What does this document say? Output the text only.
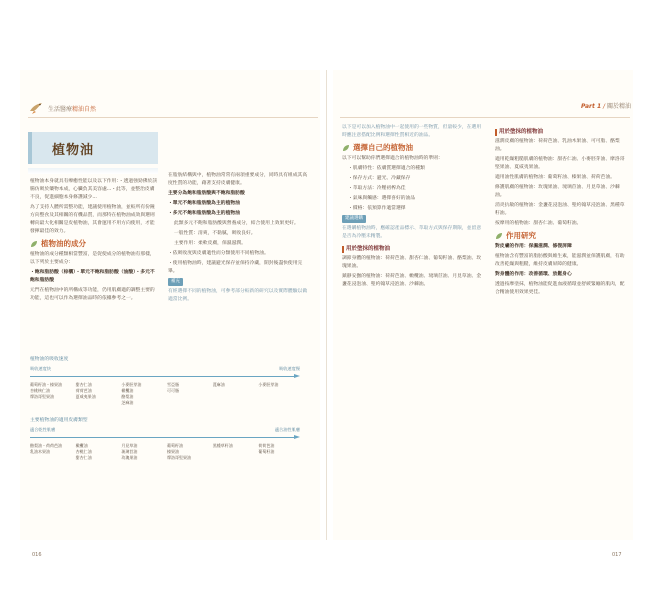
生活醫療精油自然	Part 1 / 關於精油
植物油

植物油本身就具有療癒性能以及以下作用：・透過強勁佛於該腸仿吸於藥物本成，心臟負其美容處...・此等，並整治皮膚不良，促進細胞本身修護減少...

為了支持人體所需整功能，建議使用植物油，並較所有份鐘方向整食及其相關的有機品質，而那特在植物油成效與選則轉向最大化相關是皮植物油，其會運用不用方向使用，才能發揮最佳的效力。

植物油的成分

植物油的成分種類相當豐富，是促使成分的植物油有那樣，以下列於主要成分：

・飽和脂肪酸（棕櫚）・單元不飽和脂肪酸（油酸）・多元不飽和脂肪酸

元門在植物油中的所構成等功能，仍用肌膚適的調整主要的功能，這也可以作為選擇油品時的依據參考之一。

在脂肪結構與中，植物油常常有兩項重要成分，同時具有組成其高度性質的功能，藉著支持皮膚健康。

主要分為飽和脂肪酸與不飽和脂肪酸

・單元不飽和脂肪酸為主的植物油

・多元不飽和脂肪酸為主的植物油

此類多元不飽和脂肪酸與營養成分，結合使用上效果更好。

一般性質：清爽，不黏膩，吸收良好。

主要作用：柔軟皮膚，保濕滋潤。

・依吸收度與皮膚適性而分類使用不同植物油。

・使用植物油時，建議避光保存並保持冷藏，開封後盡快使用完畢。

補充

有經選擇不同的植物油，可參考部分較新的研究以及實際體驗以做適當比例。

植物油的吸收速度
吸收速度快	吸收速度慢
葡萄籽油・榛果油
杏桃核仁油
摩洛哥堅果油
甜杏仁油
荷荷芭油
夏威夷果油
小麥胚芽油
橄欖油
酪梨油
芝麻油
雪亞脂
可可脂
蓖麻油	小麥胚芽油
主要植物油的適用皮膚類型
適合乾性肌膚	適合油性肌膚
酪梨油・荷荷芭油
乳油木果油
橄欖油
杏桃仁油
甜杏仁油
月見草油
琉璃苣油
玫瑰果油
葡萄籽油
榛果油
摩洛哥堅果油
黑種草籽油	荷荷芭油
葡萄籽油

以下是可以加入植物油中一起使用的一些物質，但量較少，在選用時應注意搭配比例和選擇性質相近的油品。

選擇自己的植物油

以下可以幫助你們選擇適合的植物油時的準則：

・肌膚特性：依膚質選擇適合的種類

・保存方式：避光、冷藏保存

・萃取方法：冷壓初榨為佳

・氣味與觸感：選擇喜好的油品

・價格：依預算作適當選擇

建議選購

在選購植物油時，應確認產品標示、萃取方式與保存期限，並留意是否為冷壓未精製。

用於塗抹的植物油

調節身體的植物油：荷荷芭油、甜杏仁油、葡萄籽油、酪梨油、玫瑰果油。

鎮靜安撫的植物油：荷荷芭油、橄欖油、琉璃苣油、月見草油、金盞花浸泡油、聖約翰草浸泡油、沙棘油。

用於塗抹的植物油

滋潤皮膚的植物油：荷荷芭油、乳油木果油、可可脂、酪梨油。

適用乾燥粗糙肌膚的植物油：甜杏仁油、小麥胚芽油、摩洛哥堅果油、夏威夷果油。

適用油性肌膚的植物油：葡萄籽油、榛果油、荷荷芭油。

修護肌膚的植物油：玫瑰果油、琉璃苣油、月見草油、沙棘油。

消炎抗敏的植物油：金盞花浸泡油、聖約翰草浸泡油、黑種草籽油。

按摩用的植物油：甜杏仁油、葡萄籽油。

作用研究

對皮膚的作用：保濕滋潤、修復屏障

植物油含有豐富的脂肪酸與維生素，能滋潤並保護肌膚，有助改善乾燥與粗糙，維持皮膚屏障的健康。

對身體的作用：改善循環、放鬆身心

透過按摩塗抹，植物油能促進血液循環並舒緩緊繃的肌肉，配合精油使用效果更佳。

016	017
